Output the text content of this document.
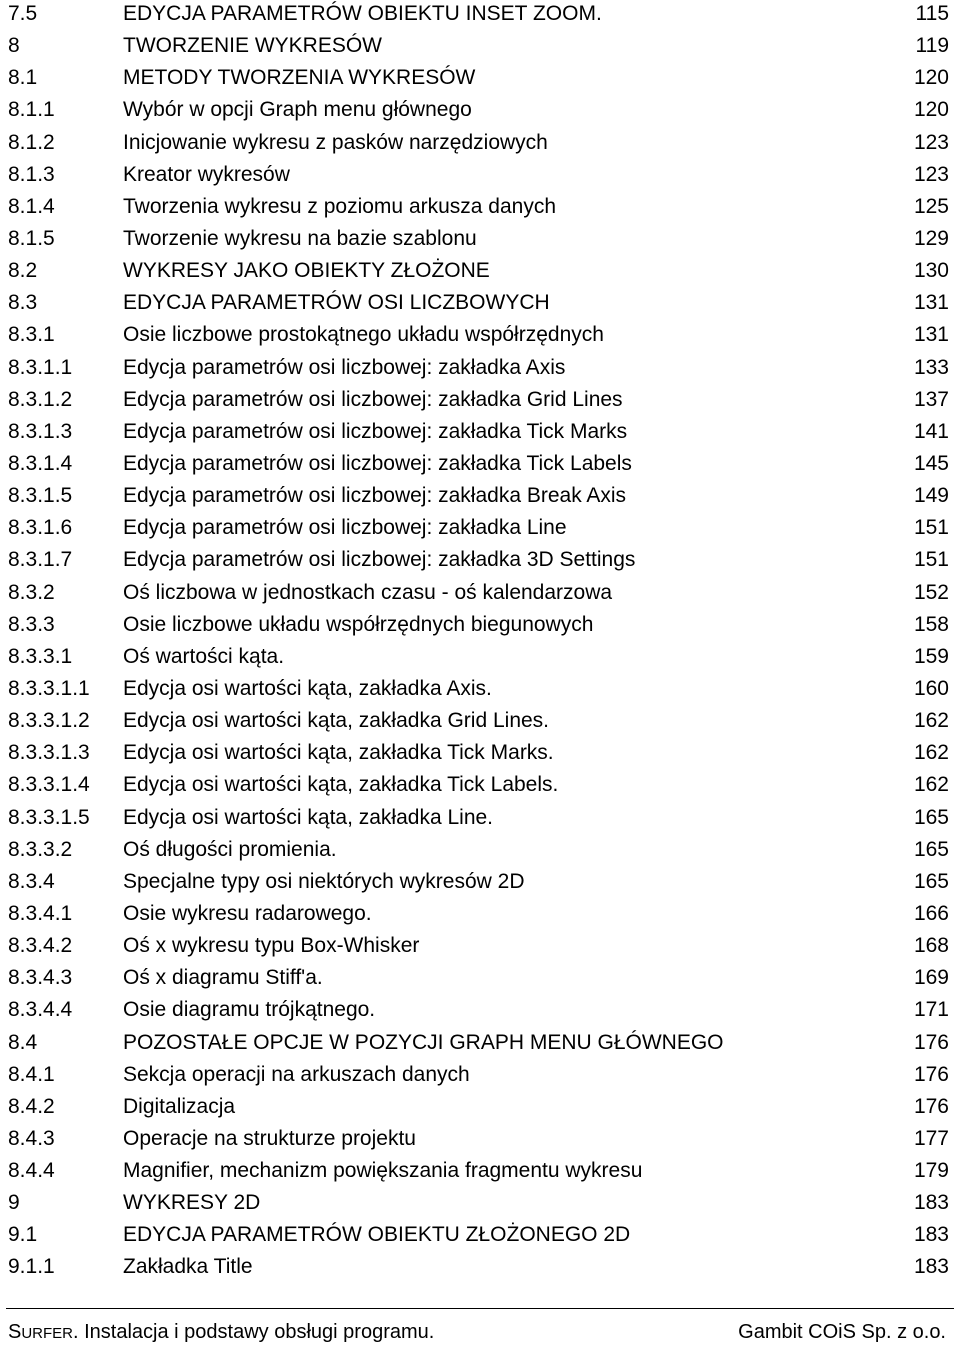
7.5	EDYCJA PARAMETRÓW OBIEKTU INSET ZOOM.	115
8	TWORZENIE WYKRESÓW	119
8.1	METODY TWORZENIA WYKRESÓW	120
8.1.1	Wybór w opcji Graph menu głównego	120
8.1.2	Inicjowanie wykresu z pasków narzędziowych	123
8.1.3	Kreator wykresów	123
8.1.4	Tworzenia wykresu z poziomu arkusza danych	125
8.1.5	Tworzenie wykresu na bazie szablonu	129
8.2	WYKRESY JAKO OBIEKTY ZŁOŻONE	130
8.3	EDYCJA PARAMETRÓW OSI LICZBOWYCH	131
8.3.1	Osie liczbowe prostokątnego układu współrzędnych	131
8.3.1.1 Edycja parametrów osi liczbowej: zakładka Axis	133
8.3.1.2 Edycja parametrów osi liczbowej: zakładka Grid Lines	137
8.3.1.3 Edycja parametrów osi liczbowej: zakładka Tick Marks	141
8.3.1.4 Edycja parametrów osi liczbowej: zakładka Tick Labels	145
8.3.1.5 Edycja parametrów osi liczbowej: zakładka Break Axis	149
8.3.1.6 Edycja parametrów osi liczbowej: zakładka Line	151
8.3.1.7 Edycja parametrów osi liczbowej: zakładka 3D Settings	151
8.3.2	Oś liczbowa w jednostkach czasu - oś kalendarzowa	152
8.3.3	Osie liczbowe układu współrzędnych biegunowych	158
8.3.3.1 Oś wartości kąta.	159
8.3.3.1.1 Edycja osi wartości kąta, zakładka Axis.	160
8.3.3.1.2 Edycja osi wartości kąta, zakładka Grid Lines.	162
8.3.3.1.3 Edycja osi wartości kąta, zakładka Tick Marks.	162
8.3.3.1.4 Edycja osi wartości kąta, zakładka Tick Labels.	162
8.3.3.1.5 Edycja osi wartości kąta, zakładka Line.	165
8.3.3.2 Oś długości promienia.	165
8.3.4	Specjalne typy osi niektórych wykresów 2D	165
8.3.4.1 Osie wykresu radarowego.	166
8.3.4.2 Oś x wykresu typu Box-Whisker	168
8.3.4.3 Oś x diagramu Stiff'a.	169
8.3.4.4 Osie diagramu trójkątnego.	171
8.4	POZOSTAŁE OPCJE W POZYCJI GRAPH MENU GŁÓWNEGO	176
8.4.1	Sekcja operacji na arkuszach danych	176
8.4.2	Digitalizacja	176
8.4.3	Operacje na strukturze projektu	177
8.4.4	Magnifier, mechanizm powiększania fragmentu wykresu	179
9	WYKRESY 2D	183
9.1	EDYCJA PARAMETRÓW OBIEKTU ZŁOŻONEGO 2D	183
9.1.1	Zakładka Title	183
SURFER. Instalacja i podstawy obsługi programu.	Gambit COiS Sp. z o.o.
